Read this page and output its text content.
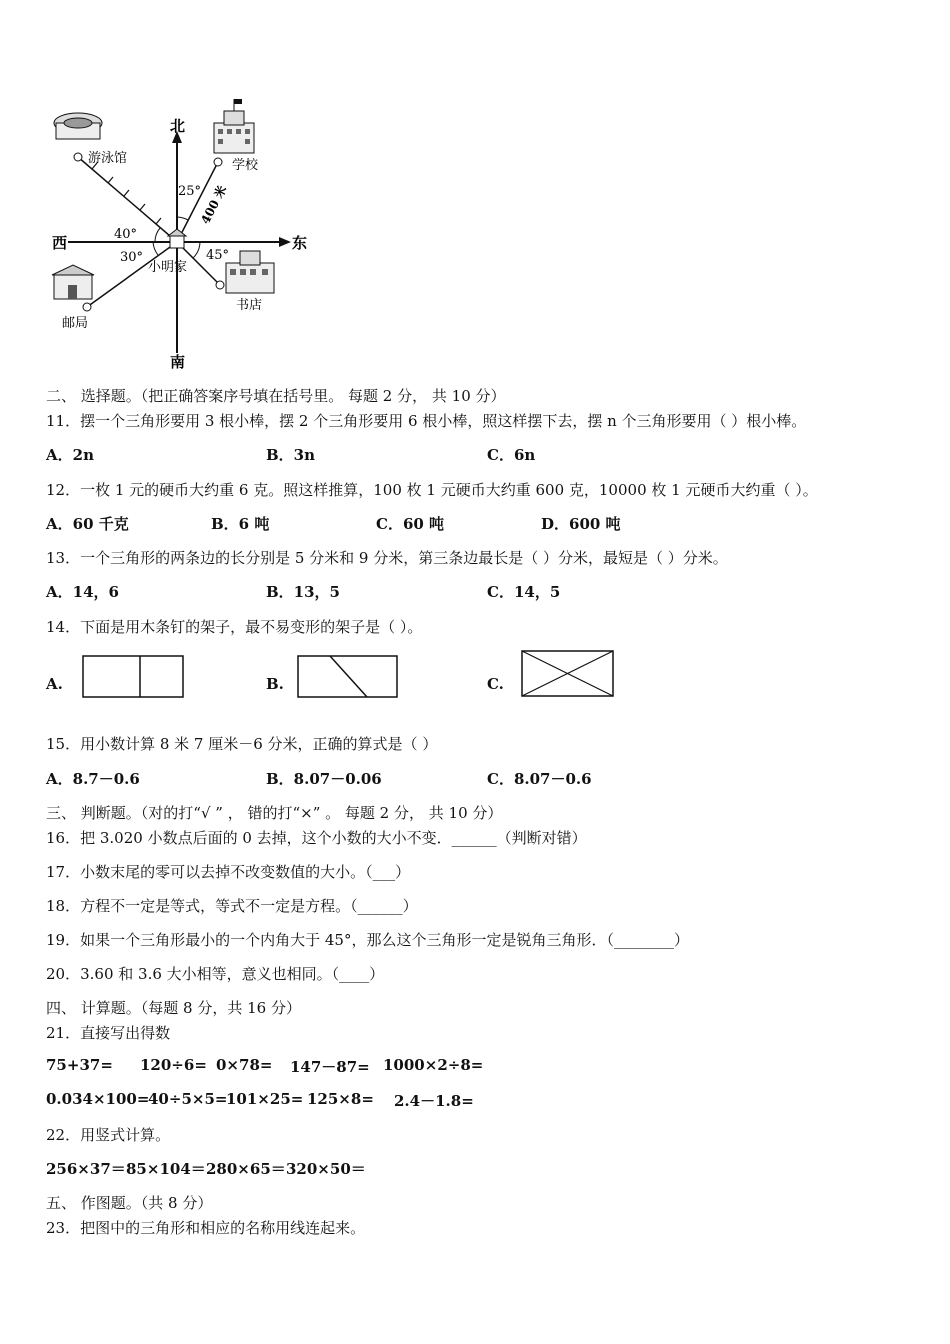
北
南
西	东
游泳馆	学校
400 米
邮局
书店
25°
40°
30°	45°
小明家
二、 选择题。（把正确答案序号填在括号里。 每题 2 分， 共 10 分）
11．摆一个三角形要用 3 根小棒，摆 2 个三角形要用 6 根小棒，照这样摆下去，摆 n 个三角形要用（ ）根小棒。
A．2n	B．3n	C．6n
12．一枚 1 元的硬币大约重 6 克。照这样推算，100 枚 1 元硬币大约重 600 克，10000 枚 1 元硬币大约重（ ）。
A．60 千克	B．6 吨	C．60 吨	D．600 吨
13．一个三角形的两条边的长分别是 5 分米和 9 分米，第三条边最长是（ ）分米，最短是（ ）分米。
A．14，6	B．13，5	C．14，5
14．下面是用木条钉的架子，最不易变形的架子是（ ）。
A.	B.	C.
15．用小数计算 8 米 7 厘米－6 分米，正确的算式是（ ）
A．8.7－0.6	B．8.07－0.06	C．8.07－0.6
三、 判断题。（对的打“√ ” ， 错的打“×” 。 每题 2 分， 共 10 分）
16．把 3.020 小数点后面的 0 去掉，这个小数的大小不变．______（判断对错）
17．小数末尾的零可以去掉不改变数值的大小。（___）
18．方程不一定是等式，等式不一定是方程。（______）
19．如果一个三角形最小的一个内角大于 45°，那么这个三角形一定是锐角三角形．（________）
20．3.60 和 3.6 大小相等，意义也相同。（____）
四、 计算题。（每题 8 分，共 16 分）
21．直接写出得数
75+37= 120÷6= 0×78= 147－87= 1000×2÷8=
0.034×100=
40÷5×5=
101×25= 125×8= 2.4－1.8=
22．用竖式计算。
256×37＝ 85×104＝ 280×65＝ 320×50＝
五、 作图题。（共 8 分）
23．把图中的三角形和相应的名称用线连起来。
